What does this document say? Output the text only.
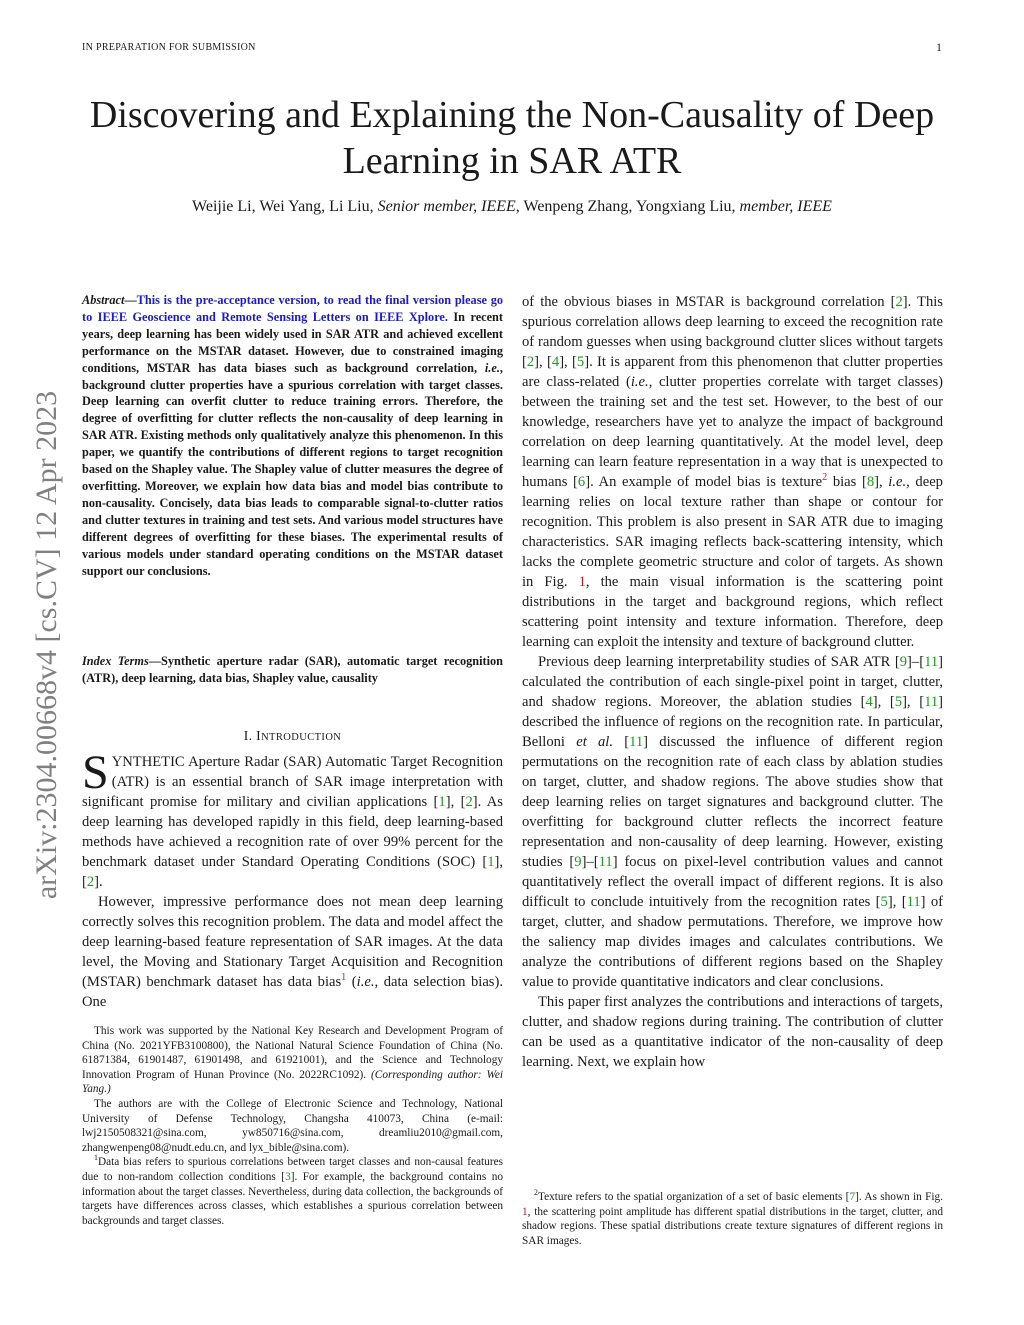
IN PREPARATION FOR SUBMISSION	1
arXiv:2304.00668v4 [cs.CV] 12 Apr 2023
Discovering and Explaining the Non-Causality of Deep Learning in SAR ATR
Weijie Li, Wei Yang, Li Liu, Senior member, IEEE, Wenpeng Zhang, Yongxiang Liu, member, IEEE
Abstract—This is the pre-acceptance version, to read the final version please go to IEEE Geoscience and Remote Sensing Letters on IEEE Xplore. In recent years, deep learning has been widely used in SAR ATR and achieved excellent performance on the MSTAR dataset. However, due to constrained imaging conditions, MSTAR has data biases such as background correlation, i.e., background clutter properties have a spurious correlation with target classes. Deep learning can overfit clutter to reduce training errors. Therefore, the degree of overfitting for clutter reflects the non-causality of deep learning in SAR ATR. Existing methods only qualitatively analyze this phenomenon. In this paper, we quantify the contributions of different regions to target recognition based on the Shapley value. The Shapley value of clutter measures the degree of overfitting. Moreover, we explain how data bias and model bias contribute to non-causality. Concisely, data bias leads to comparable signal-to-clutter ratios and clutter textures in training and test sets. And various model structures have different degrees of overfitting for these biases. The experimental results of various models under standard operating conditions on the MSTAR dataset support our conclusions.
Index Terms—Synthetic aperture radar (SAR), automatic target recognition (ATR), deep learning, data bias, Shapley value, causality
I. INTRODUCTION

SYNTHETIC Aperture Radar (SAR) Automatic Target Recognition (ATR) is an essential branch of SAR image interpretation with significant promise for military and civilian applications [1], [2]. As deep learning has developed rapidly in this field, deep learning-based methods have achieved a recognition rate of over 99% percent for the benchmark dataset under Standard Operating Conditions (SOC) [1], [2].

However, impressive performance does not mean deep learning correctly solves this recognition problem. The data and model affect the deep learning-based feature representation of SAR images. At the data level, the Moving and Stationary Target Acquisition and Recognition (MSTAR) benchmark dataset has data bias$^1$ (i.e., data selection bias). One

This work was supported by the National Key Research and Development Program of China (No. 2021YFB3100800), the National Natural Science Foundation of China (No. 61871384, 61901487, 61901498, and 61921001), and the Science and Technology Innovation Program of Hunan Province (No. 2022RC1092). (Corresponding author: Wei Yang.)

The authors are with the College of Electronic Science and Technology, National University of Defense Technology, Changsha 410073, China (e-mail: lwj2150508321@sina.com, yw850716@sina.com, dreamliu2010@gmail.com, zhangwenpeng08@nudt.edu.cn, and lyx_bible@sina.com).

$^1$Data bias refers to spurious correlations between target classes and non-causal features due to non-random collection conditions [3]. For example, the background contains no information about the target classes. Nevertheless, during data collection, the backgrounds of targets have differences across classes, which establishes a spurious correlation between backgrounds and target classes.

of the obvious biases in MSTAR is background correlation [2]. This spurious correlation allows deep learning to exceed the recognition rate of random guesses when using background clutter slices without targets [2], [4], [5]. It is apparent from this phenomenon that clutter properties are class-related (i.e., clutter properties correlate with target classes) between the training set and the test set. However, to the best of our knowledge, researchers have yet to analyze the impact of background correlation on deep learning quantitatively. At the model level, deep learning can learn feature representation in a way that is unexpected to humans [6]. An example of model bias is texture$^2$ bias [8], i.e., deep learning relies on local texture rather than shape or contour for recognition. This problem is also present in SAR ATR due to imaging characteristics. SAR imaging reflects back-scattering intensity, which lacks the complete geometric structure and color of targets. As shown in Fig. 1, the main visual information is the scattering point distributions in the target and background regions, which reflect scattering point intensity and texture information. Therefore, deep learning can exploit the intensity and texture of background clutter.

Previous deep learning interpretability studies of SAR ATR [9]–[11] calculated the contribution of each single-pixel point in target, clutter, and shadow regions. Moreover, the ablation studies [4], [5], [11] described the influence of regions on the recognition rate. In particular, Belloni et al. [11] discussed the influence of different region permutations on the recognition rate of each class by ablation studies on target, clutter, and shadow regions. The above studies show that deep learning relies on target signatures and background clutter. The overfitting for background clutter reflects the incorrect feature representation and non-causality of deep learning. However, existing studies [9]–[11] focus on pixel-level contribution values and cannot quantitatively reflect the overall impact of different regions. It is also difficult to conclude intuitively from the recognition rates [5], [11] of target, clutter, and shadow permutations. Therefore, we improve how the saliency map divides images and calculates contributions. We analyze the contributions of different regions based on the Shapley value to provide quantitative indicators and clear conclusions.

This paper first analyzes the contributions and interactions of targets, clutter, and shadow regions during training. The contribution of clutter can be used as a quantitative indicator of the non-causality of deep learning. Next, we explain how

$^2$Texture refers to the spatial organization of a set of basic elements [7]. As shown in Fig. 1, the scattering point amplitude has different spatial distributions in the target, clutter, and shadow regions. These spatial distributions create texture signatures of different regions in SAR images.
